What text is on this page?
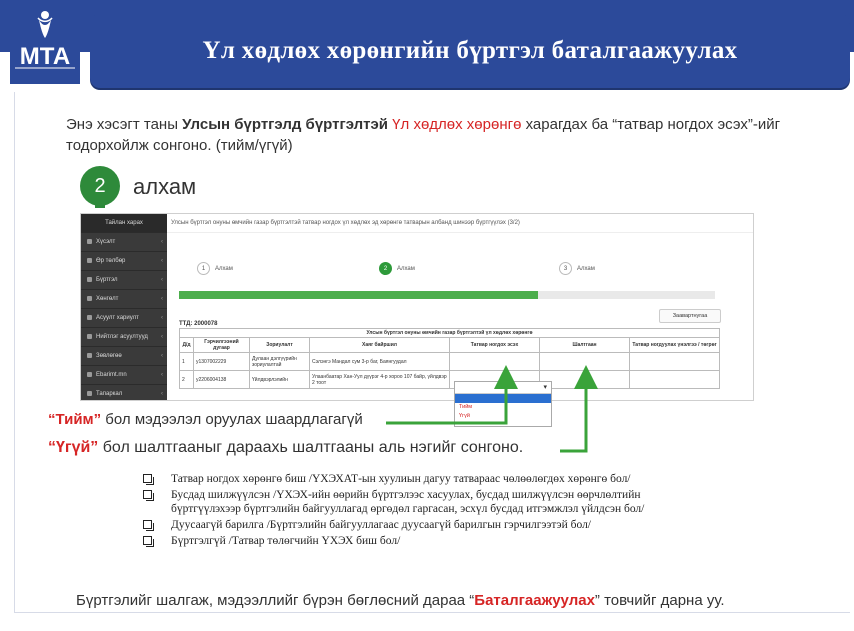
МТА	Үл хөдлөх хөрөнгийн бүртгэл баталгаажуулах
Энэ хэсэгт таны Улсын бүртгэлд бүртгэлтэй Үл хөдлөх хөрөнгө харагдах ба “татвар ногдох эсэх”-ийг тодорхойлж сонгоно. (тийм/үгүй)
2 алхам
Тайлан харах
Хүсэлт	‹
Өр төлбөр	‹
Бүртгэл	‹
Хөнгөлт	‹
Асуулт хариулт	‹
Нийтлэг асуултууд ‹
Зөвлөгөө	‹
Ebarimt.mn	‹
Тапаркал	‹
Улсын бүртгэл онуны өмчийн газар бүртгэлтэй татвар ногдох үл хөдлөх эд хөрөнгө татварын албанд шинээр бүртгүүлэх (3/2)
1	Алхам	2	Алхам	3	Алхам
Заавартнугаа
ТТД: 2000078
Улсын бүртгэл онуны өмчийн газар бүртгэлтэй үл хөдлөх хөрөнгө						
Д/д	Гэрчилгээний дугаар	Зориулалт	Хаяг байршил	Татвар ногдох эсэх	Шалтгаан	Татвар ногдуулах үнэлгээ / төгрөг
1	у1307002229	Дулаан дэлгүүрийн зориулалтай	Сэлэнгэ Мандал сум 3-р баг, Баянгуудал			
2	у2206004138	Үйлдвэрлэлийн	Улаанбаатар Хан-Уул дүүрэг 4-р хороо 107 байр, үйлдвэр 2 тоот			
▾
Тийм
Үгүй
“Тийм” бол мэдээлэл оруулах шаардлагагүй
“Үгүй” бол шалтгааныг дараахь шалтгааны аль нэгийг сонгоно.
Татвар ногдох хөрөнгө биш /ҮХЭХАТ-ын хуулиын дагуу татвараас чөлөөлөгдөх хөрөнгө бол/
Бусдад шилжүүлсэн /ҮХЭХ-ийн өөрийн бүртгэлээс хасуулах, бусдад шилжүүлсэн өөрчлөлтийн бүртгүүлэхээр бүртгэлийн байгууллагад өргөдөл гаргасан, эсхүл бусдад итгэмжлэл үйлдсэн бол/
Дуусаагүй барилга /Бүртгэлийн байгууллагаас дуусаагүй барилгын гэрчилгээтэй бол/
Бүртгэлгүй /Татвар төлөгчийн ҮХЭХ биш бол/
Бүртгэлийг шалгаж, мэдээллийг бүрэн бөглөсний дараа “Баталгаажуулах” товчийг дарна уу.
